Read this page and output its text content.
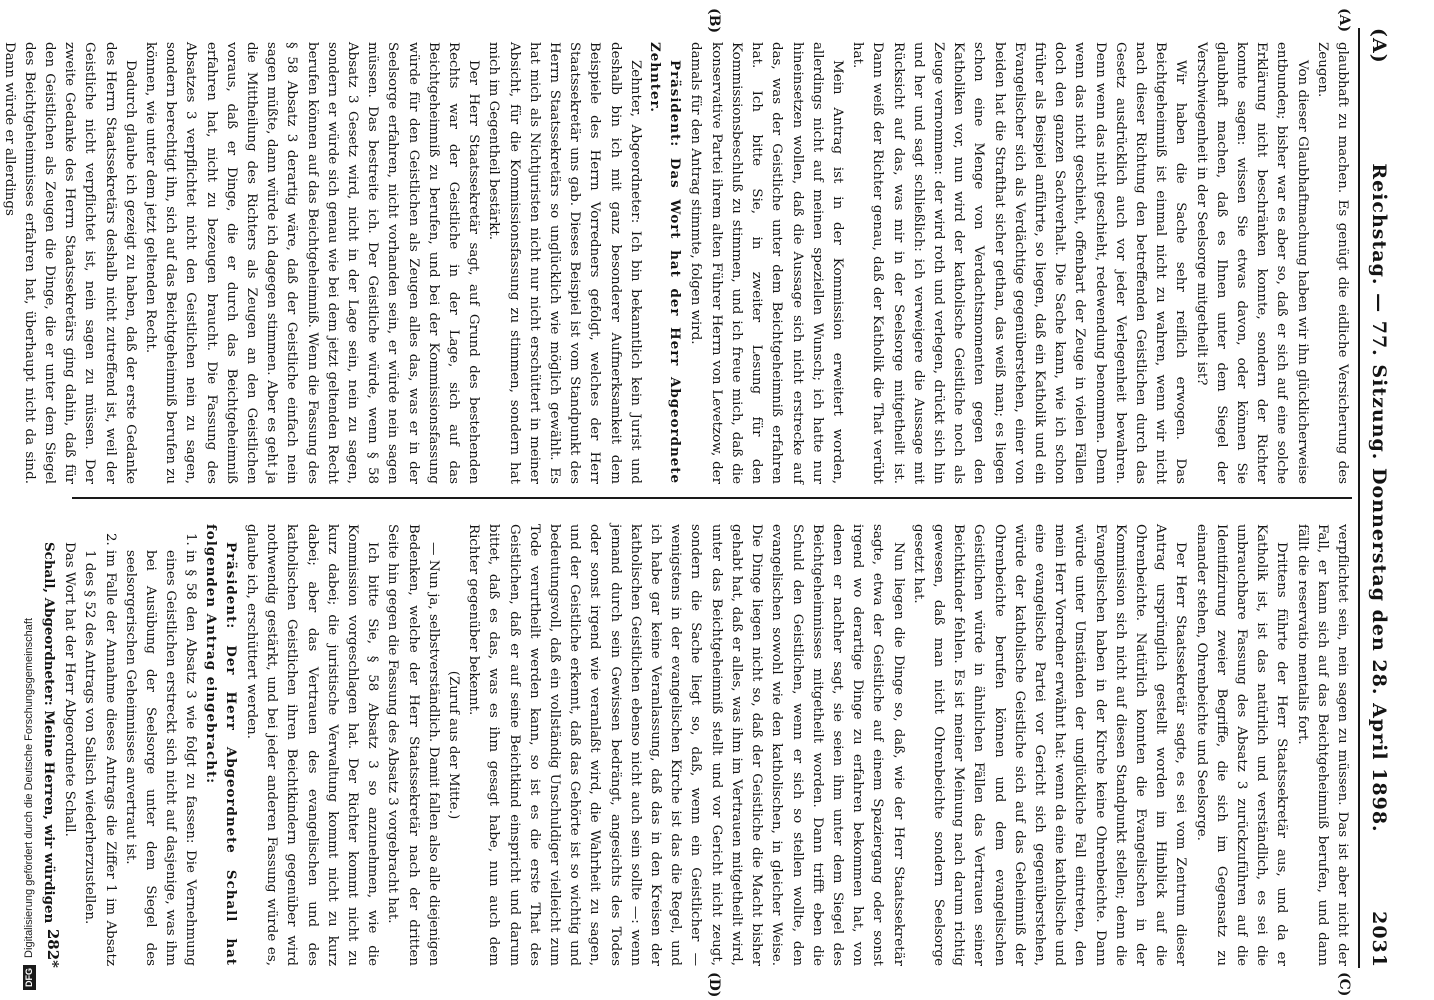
DFG Digitalisierung gefördert durch die Deutsche Forschungsgemeinschaft
(A)
Reichstag. — 77. Sitzung. Donnerstag den 28. April 1898.
2031
(A)
(B)
(C)
(D)

glaubhaft zu machen. Es genügt die eidliche Versicherung des Zeugen.

Von dieser Glaubhaftmachung haben wir ihn glücklicherweise entbunden; bisher war es aber so, daß er sich auf eine solche Erklärung nicht beschränken konnte, sondern der Richter konnte sagen: wissen Sie etwas davon, oder können Sie glaubhaft machen, daß es Ihnen unter dem Siegel der Verschwiegenheit in der Seelsorge mitgetheilt ist?

Wir haben die Sache sehr reiflich erwogen. Das Beichtgeheimniß ist einmal nicht zu wahren, wenn wir nicht nach dieser Richtung den betreffenden Geistlichen durch das Gesetz ausdrücklich auch vor jeder Verlegenheit bewahren. Denn wenn das nicht geschieht, redewendung benommen. Denn wenn das nicht geschieht, offenbart der Zeuge in vielen Fällen doch den ganzen Sachverhalt. Die Sache kann, wie ich schon früher als Beispiel anführte, so liegen, daß ein Katholik und ein Evangelischer sich als Verdächtige gegenüberstehen, einer von beiden hat die Strafthat sicher gethan, das weiß man; es liegen schon eine Menge von Verdachtsmomenten gegen den Katholiken vor, nun wird der katholische Geistliche noch als Zeuge vernommen: der wird roth und verlegen, drückt sich hin und her und sagt schließlich: ich verweigere die Aussage mit Rücksicht auf das, was mir in der Seelsorge mitgetheilt ist. Dann weiß der Richter genau, daß der Katholik die That verübt hat.

Mein Antrag ist in der Kommission erweitert worden, allerdings nicht auf meinen speziellen Wunsch; ich hatte nur hineinsetzen wollen, daß die Aussage sich nicht erstrecke auf das, was der Geistliche unter dem Beichtgeheimniß erfahren hat. Ich bitte Sie, in zweiter Lesung für den Kommissionsbeschluß zu stimmen, und ich freue mich, daß die konservative Partei ihrem alten Führer Herrn von Levetzow, der damals für den Antrag stimmte, folgen wird.

Präsident: Das Wort hat der Herr Abgeordnete Zehnter.

Zehnter, Abgeordneter: Ich bin bekanntlich kein Jurist und deshalb bin ich mit ganz besonderer Aufmerksamkeit dem Beispiele des Herrn Vorredners gefolgt, welches der Herr Staatssekretär uns gab. Dieses Beispiel ist vom Standpunkt des Herrn Staatssekretärs so unglücklich wie möglich gewählt. Es hat mich als Nichtjuristen nicht nur nicht erschüttert in meiner Absicht, für die Kommissionsfassung zu stimmen, sondern hat mich im Gegentheil bestärkt.

Der Herr Staatssekretär sagt, auf Grund des bestehenden Rechts war der Geistliche in der Lage, sich auf das Beichtgeheimniß zu berufen, und bei der Kommissionsfassung würde für den Geistlichen als Zeugen alles das, was er in der Seelsorge erfahren, nicht vorhanden sein, er würde nein sagen müssen. Das bestreite ich. Der Geistliche würde, wenn § 58 Absatz 3 Gesetz wird, nicht in der Lage sein, nein zu sagen, sondern er würde sich genau wie bei dem jetzt geltenden Recht berufen können auf das Beichtgeheimniß. Wenn die Fassung des § 58 Absatz 3 derartig wäre, daß der Geistliche einfach nein sagen müßte, dann würde ich dagegen stimmen. Aber es geht ja die Mittheilung des Richters als Zeugen an den Geistlichen voraus, daß er Dinge, die er durch das Beichtgeheimniß erfahren hat, nicht zu bezeugen braucht. Die Fassung des Absatzes 3 verpflichtet nicht den Geistlichen nein zu sagen, sondern berechtigt ihn, sich auf das Beichtgeheimniß berufen zu können, wie unter dem jetzt geltenden Recht.

Dadurch glaube ich gezeigt zu haben, daß der erste Gedanke des Herrn Staatssekretärs deshalb nicht zutreffend ist, weil der Geistliche nicht verpflichtet ist, nein sagen zu müssen. Der zweite Gedanke des Herrn Staatssekretärs ging dahin, daß für den Geistlichen als Zeugen die Dinge, die er unter dem Siegel des Beichtgeheimnisses erfahren hat, überhaupt nicht da sind. Dann würde er allerdings

verpflichtet sein, nein sagen zu müssen. Das ist aber nicht der Fall, er kann sich auf das Beichtgeheimniß berufen, und dann fällt die reservatio mentalis fort.

Drittens führte der Herr Staatssekretär aus, und da er Katholik ist, ist das natürlich und verständlich, es sei die unbrauchbare Fassung des Absatz 3 zurückzuführen auf die Identifizirung zweier Begriffe, die sich im Gegensatz zu einander stehen, Ohrenbeichte und Seelsorge.

Der Herr Staatssekretär sagte, es sei vom Zentrum dieser Antrag ursprünglich gestellt worden im Hinblick auf die Ohrenbeichte. Natürlich konnten die Evangelischen in der Kommission sich nicht auf diesen Standpunkt stellen; denn die Evangelischen haben in der Kirche keine Ohrenbeichte. Dann würde unter Umständen der unglückliche Fall eintreten, den mein Herr Vorredner erwähnt hat: wenn da eine katholische und eine evangelische Partei vor Gericht sich gegenüberstehen, würde der katholische Geistliche sich auf das Geheimniß der Ohrenbeichte berufen können und dem evangelischen Geistlichen würde in ähnlichen Fällen das Vertrauen seiner Beichtkinder fehlen. Es ist meiner Meinung nach darum richtig gewesen, daß man nicht Ohrenbeichte sondern Seelsorge gesetzt hat.

Nun liegen die Dinge so, daß, wie der Herr Staatssekretär sagte, etwa der Geistliche auf einem Spaziergang oder sonst irgend wo derartige Dinge zu erfahren bekommen hat, von denen er nachher sagt, sie seien ihm unter dem Siegel des Beichtgeheimnisses mitgetheilt worden. Dann trifft eben die Schuld den Geistlichen, wenn er sich so stellen wollte, den evangelischen sowohl wie den katholischen, in gleicher Weise. Die Dinge liegen nicht so, daß der Geistliche die Macht bisher gehabt hat, daß er alles, was ihm im Vertrauen mitgetheilt wird, unter das Beichtgeheimniß stellt und vor Gericht nicht zeugt, sondern die Sache liegt so, daß, wenn ein Geistlicher — wenigstens in der evangelischen Kirche ist das die Regel, und ich habe gar keine Veranlassung, daß das in den Kreisen der katholischen Geistlichen ebenso nicht auch sein sollte —: wenn jemand durch sein Gewissen bedrängt, angesichts des Todes oder sonst irgend wie veranlaßt wird, die Wahrheit zu sagen, und der Geistliche erkennt, daß das Gehörte ist so wichtig und bedeutungsvoll, daß ein vollständig Unschuldiger vielleicht zum Tode verurtheilt werden kann, so ist es die erste That des Geistlichen, daß er auf seine Beichtkind einspricht und darum bittet, daß es das, was es ihm gesagt habe, nun auch dem Richter gegenüber bekennt.

(Zuruf aus der Mitte.)

— Nun ja, selbstverständlich. Damit fallen also alle diejenigen Bedenken, welche der Herr Staatssekretär nach der dritten Seite hin gegen die Fassung des Absatz 3 vorgebracht hat.

Ich bitte Sie, § 58 Absatz 3 so anzunehmen, wie die Kommission vorgeschlagen hat. Der Richter kommt nicht zu kurz dabei; die juristische Verwaltung kommt nicht zu kurz dabei; aber das Vertrauen des evangelischen und des katholischen Geistlichen ihren Beichtkindern gegenüber wird nothwendig gestärkt, und bei jeder anderen Fassung würde es, glaube ich, erschüttert werden.

Präsident: Der Herr Abgeordnete Schall hat folgenden Antrag eingebracht:

1. in § 58 den Absatz 3 wie folgt zu fassen: Die Vernehmung eines Geistlichen erstreckt sich nicht auf dasjenige, was ihm bei Ausübung der Seelsorge unter dem Siegel des seelsorgerischen Geheimnisses anvertraut ist.
2. im Falle der Annahme dieses Antrags die Ziffer 1 im Absatz 1 des § 52 des Antrags von Salisch wiederherzustellen.

Das Wort hat der Herr Abgeordnete Schall.

Schall, Abgeordneter: Meine Herren, wir würdigen

282*
